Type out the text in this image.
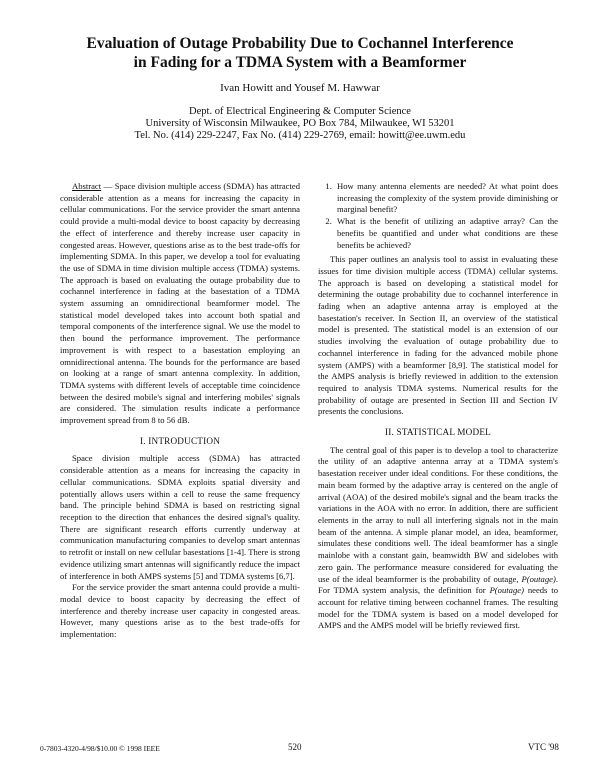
Evaluation of Outage Probability Due to Cochannel Interference
in Fading for a TDMA System with a Beamformer
Ivan Howitt and Yousef M. Hawwar
Dept. of Electrical Engineering & Computer Science
University of Wisconsin Milwaukee, PO Box 784, Milwaukee, WI 53201
Tel. No. (414) 229-2247, Fax No. (414) 229-2769, email: howitt@ee.uwm.edu

Abstract — Space division multiple access (SDMA) has attracted considerable attention as a means for increasing the capacity in cellular communications. For the service provider the smart antenna could provide a multi-modal device to boost capacity by decreasing the effect of interference and thereby increase user capacity in congested areas. However, questions arise as to the best trade-offs for implementing SDMA. In this paper, we develop a tool for evaluating the use of SDMA in time division multiple access (TDMA) systems. The approach is based on evaluating the outage probability due to cochannel interference in fading at the basestation of a TDMA system assuming an omnidirectional beamformer model. The statistical model developed takes into account both spatial and temporal components of the interference signal. We use the model to then bound the performance improvement. The performance improvement is with respect to a basestation employing an omnidirectional antenna. The bounds for the performance are based on looking at a range of smart antenna complexity. In addition, TDMA systems with different levels of acceptable time coincidence between the desired mobile's signal and interfering mobiles' signals are considered. The simulation results indicate a performance improvement spread from 8 to 56 dB.

I. INTRODUCTION

Space division multiple access (SDMA) has attracted considerable attention as a means for increasing the capacity in cellular communications. SDMA exploits spatial diversity and potentially allows users within a cell to reuse the same frequency band. The principle behind SDMA is based on restricting signal reception to the direction that enhances the desired signal's quality. There are significant research efforts currently underway at communication manufacturing companies to develop smart antennas to retrofit or install on new cellular basestations [1-4]. There is strong evidence utilizing smart antennas will significantly reduce the impact of interference in both AMPS systems [5] and TDMA systems [6,7].

For the service provider the smart antenna could provide a multi-modal device to boost capacity by decreasing the effect of interference and thereby increase user capacity in congested areas. However, many questions arise as to the best trade-offs for implementation:

1. How many antenna elements are needed? At what point does increasing the complexity of the system provide diminishing or marginal benefit?
2. What is the benefit of utilizing an adaptive array? Can the benefits be quantified and under what conditions are these benefits be achieved?

This paper outlines an analysis tool to assist in evaluating these issues for time division multiple access (TDMA) cellular systems. The approach is based on developing a statistical model for determining the outage probability due to cochannel interference in fading when an adaptive antenna array is employed at the basestation's receiver. In Section II, an overview of the statistical model is presented. The statistical model is an extension of our studies involving the evaluation of outage probability due to cochannel interference in fading for the advanced mobile phone system (AMPS) with a beamformer [8,9]. The statistical model for the AMPS analysis is briefly reviewed in addition to the extension required to analysis TDMA systems. Numerical results for the probability of outage are presented in Section III and Section IV presents the conclusions.

II. STATISTICAL MODEL

The central goal of this paper is to develop a tool to characterize the utility of an adaptive antenna array at a TDMA system's basestation receiver under ideal conditions. For these conditions, the main beam formed by the adaptive array is centered on the angle of arrival (AOA) of the desired mobile's signal and the beam tracks the variations in the AOA with no error. In addition, there are sufficient elements in the array to null all interfering signals not in the main beam of the antenna. A simple planar model, an idea, beamformer, simulates these conditions well. The ideal beamformer has a single mainlobe with a constant gain, beamwidth BW and sidelobes with zero gain. The performance measure considered for evaluating the use of the ideal beamformer is the probability of outage, P(outage). For TDMA system analysis, the definition for P(outage) needs to account for relative timing between cochannel frames. The resulting model for the TDMA system is based on a model developed for AMPS and the AMPS model will be briefly reviewed first.

0-7803-4320-4/98/$10.00 © 1998 IEEE	520	VTC '98
